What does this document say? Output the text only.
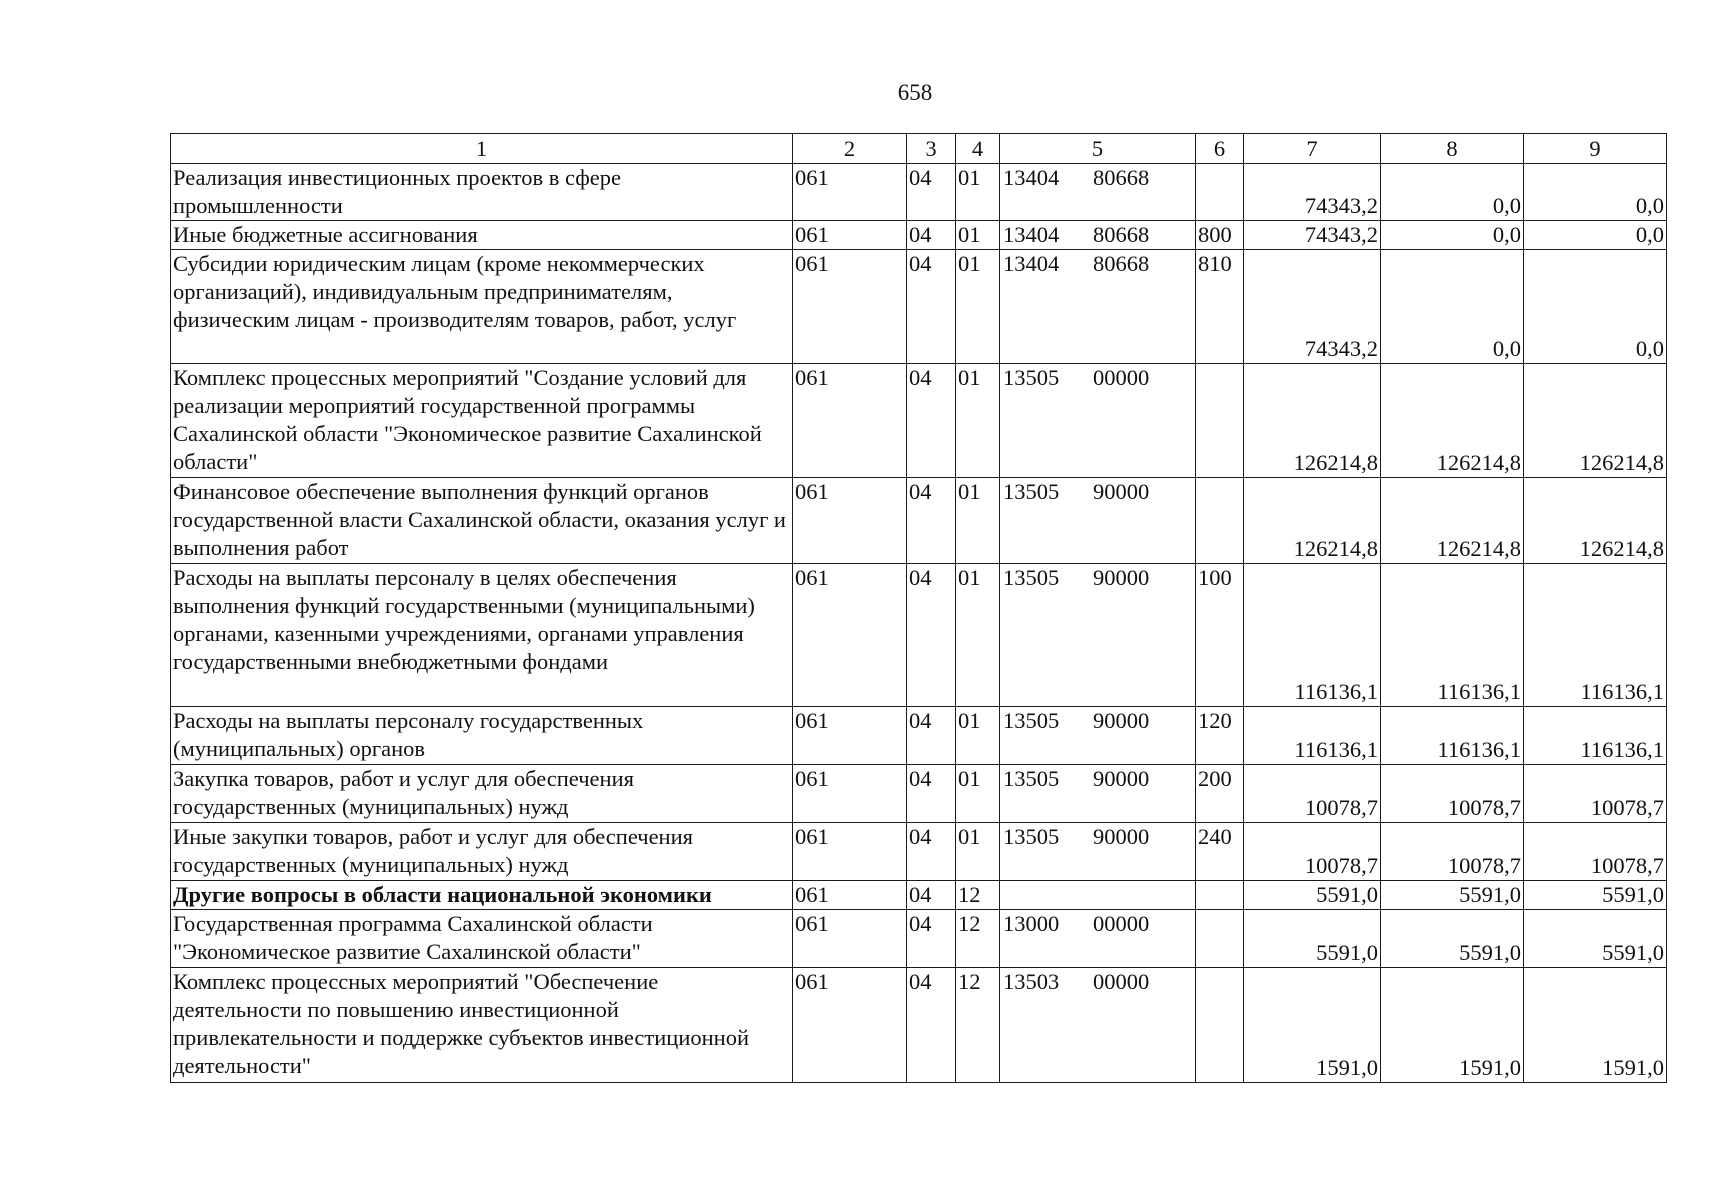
658
1	2	3	4	5	6	7	8	9
Реализация инвестиционных проектов в сфере промышленности	061	04	01	13404 80668		74343,2	0,0	0,0
Иные бюджетные ассигнования	061	04	01	13404 80668	800	74343,2	0,0	0,0
Субсидии юридическим лицам (кроме некоммерческих организаций), индивидуальным предпринимателям, физическим лицам - производителям товаров, работ, услуг	061	04	01	13404 80668	810	74343,2	0,0	0,0
Комплекс процессных мероприятий "Создание условий для реализации мероприятий государственной программы Сахалинской области "Экономическое развитие Сахалинской области"	061	04	01	13505 00000		126214,8	126214,8	126214,8
Финансовое обеспечение выполнения функций органов государственной власти Сахалинской области, оказания услуг и выполнения работ	061	04	01	13505 90000		126214,8	126214,8	126214,8
Расходы на выплаты персоналу в целях обеспечения выполнения функций государственными (муниципальными) органами, казенными учреждениями, органами управления государственными внебюджетными фондами	061	04	01	13505 90000	100	116136,1	116136,1	116136,1
Расходы на выплаты персоналу государственных (муниципальных) органов	061	04	01	13505 90000	120	116136,1	116136,1	116136,1
Закупка товаров, работ и услуг для обеспечения государственных (муниципальных) нужд	061	04	01	13505 90000	200	10078,7	10078,7	10078,7
Иные закупки товаров, работ и услуг для обеспечения государственных (муниципальных) нужд	061	04	01	13505 90000	240	10078,7	10078,7	10078,7
Другие вопросы в области национальной экономики	061	04	12			5591,0	5591,0	5591,0
Государственная программа Сахалинской области "Экономическое развитие Сахалинской области"	061	04	12	13000 00000		5591,0	5591,0	5591,0
Комплекс процессных мероприятий "Обеспечение деятельности по повышению инвестиционной привлекательности и поддержке субъектов инвестиционной деятельности"	061	04	12	13503 00000		1591,0	1591,0	1591,0
